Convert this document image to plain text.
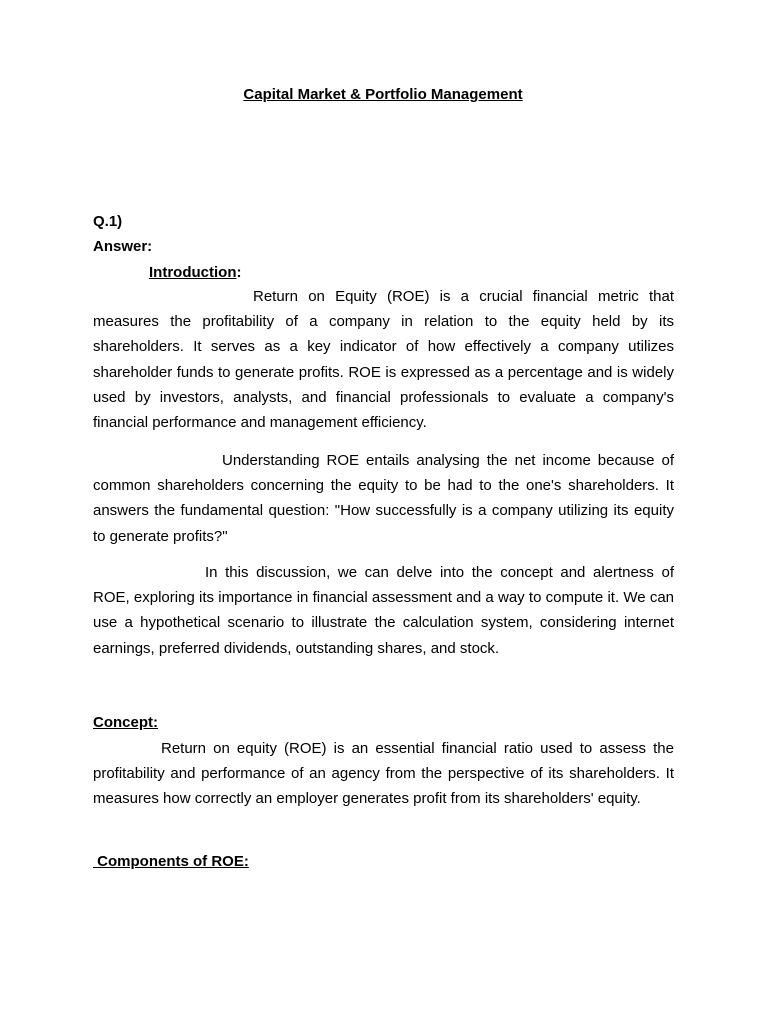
Capital Market & Portfolio Management
Q.1)
Answer:
Introduction:

Return on Equity (ROE) is a crucial financial metric that measures the profitability of a company in relation to the equity held by its shareholders. It serves as a key indicator of how effectively a company utilizes shareholder funds to generate profits. ROE is expressed as a percentage and is widely used by investors, analysts, and financial professionals to evaluate a company's financial performance and management efficiency.

Understanding ROE entails analysing the net income because of common shareholders concerning the equity to be had to the one's shareholders. It answers the fundamental question: "How successfully is a company utilizing its equity to generate profits?"

In this discussion, we can delve into the concept and alertness of ROE, exploring its importance in financial assessment and a way to compute it. We can use a hypothetical scenario to illustrate the calculation system, considering internet earnings, preferred dividends, outstanding shares, and stock.

Concept:

Return on equity (ROE) is an essential financial ratio used to assess the profitability and performance of an agency from the perspective of its shareholders. It measures how correctly an employer generates profit from its shareholders' equity.

Components of ROE:
